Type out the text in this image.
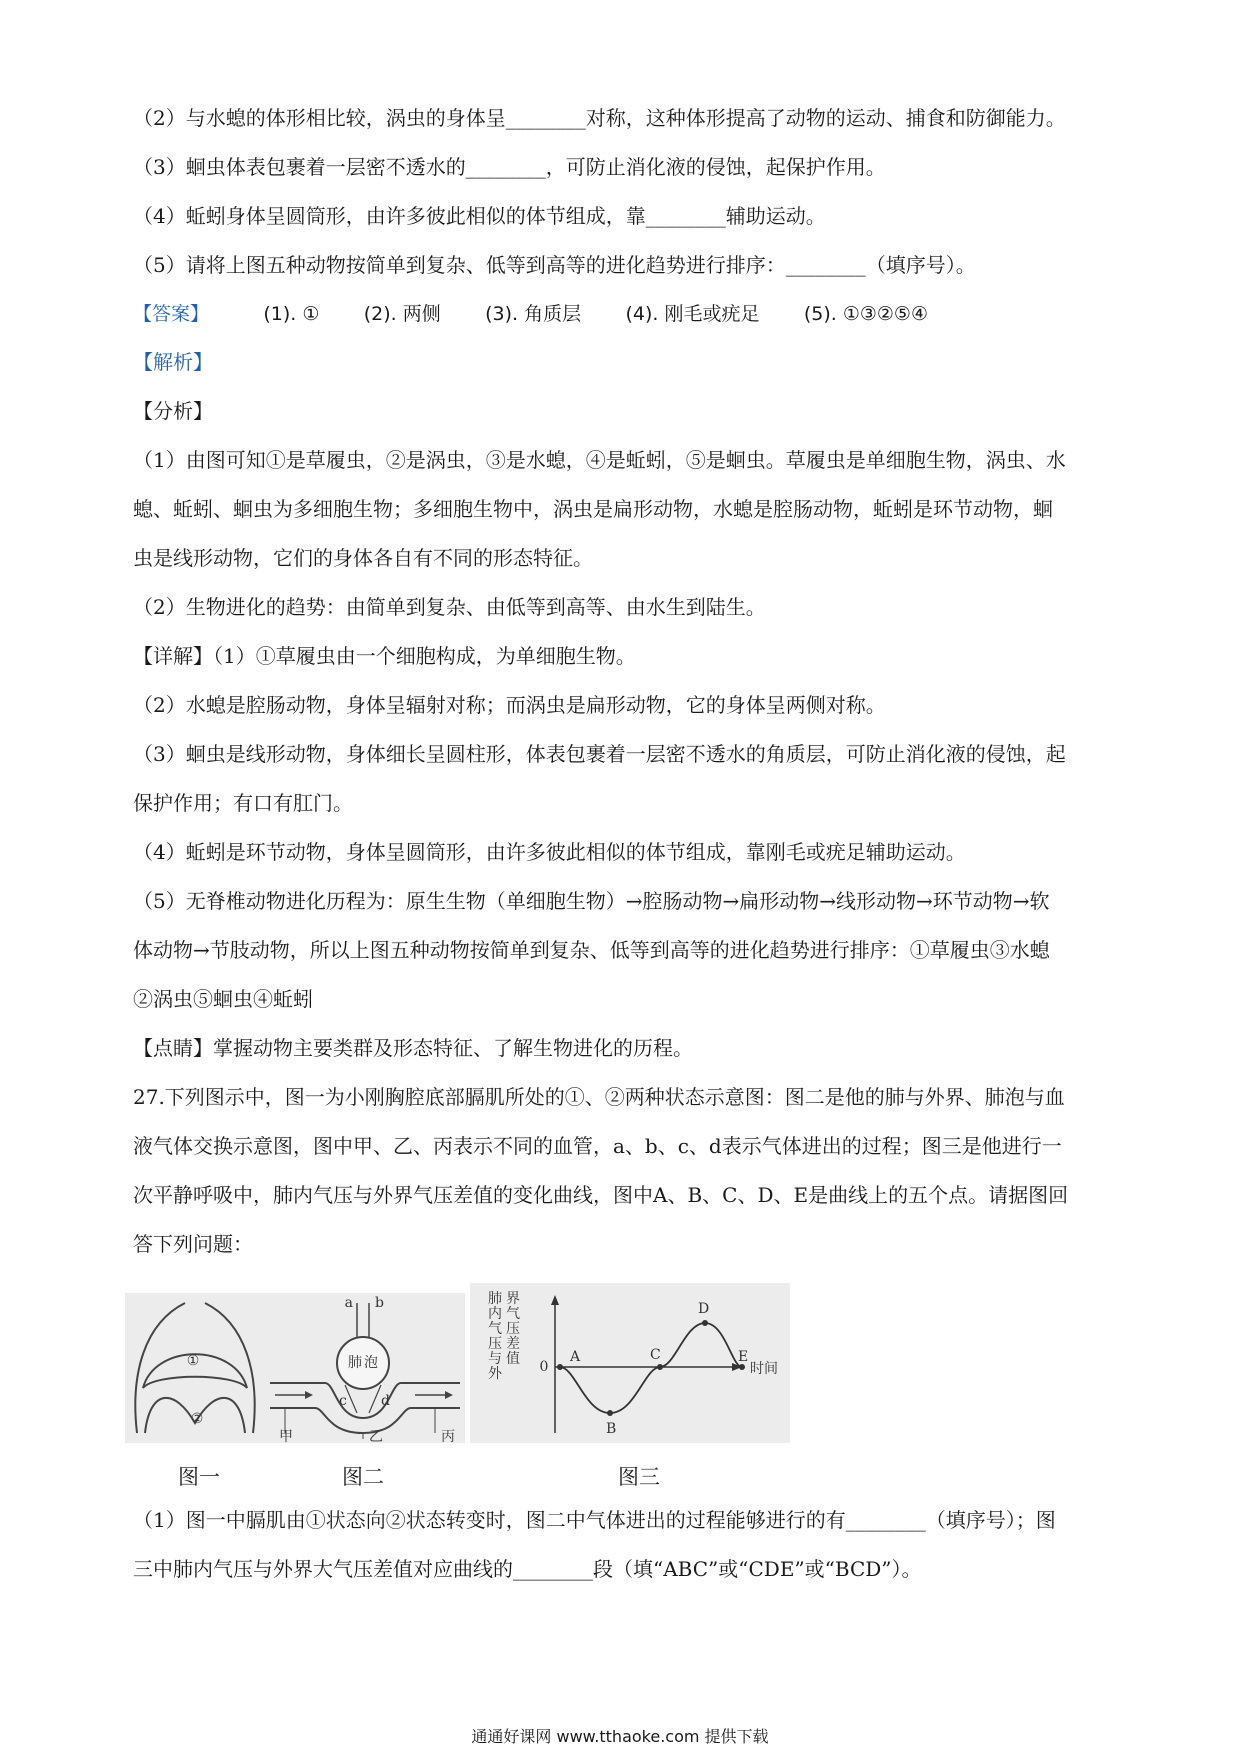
（2）与水螅的体形相比较，涡虫的身体呈________对称，这种体形提高了动物的运动、捕食和防御能力。
（3）蛔虫体表包裹着一层密不透水的________，可防止消化液的侵蚀，起保护作用。
（4）蚯蚓身体呈圆筒形，由许多彼此相似的体节组成，靠________辅助运动。
（5）请将上图五种动物按简单到复杂、低等到高等的进化趋势进行排序：________（填序号）。
【答案】	(1). ① (2). 两侧 (3). 角质层 (4). 刚毛或疣足 (5). ①③②⑤④
【解析】
【分析】
（1）由图可知①是草履虫，②是涡虫，③是水螅，④是蚯蚓，⑤是蛔虫。草履虫是单细胞生物，涡虫、水
螅、蚯蚓、蛔虫为多细胞生物；多细胞生物中，涡虫是扁形动物，水螅是腔肠动物，蚯蚓是环节动物，蛔
虫是线形动物，它们的身体各自有不同的形态特征。
（2）生物进化的趋势：由简单到复杂、由低等到高等、由水生到陆生。
【详解】（1）①草履虫由一个细胞构成，为单细胞生物。
（2）水螅是腔肠动物，身体呈辐射对称；而涡虫是扁形动物，它的身体呈两侧对称。
（3）蛔虫是线形动物，身体细长呈圆柱形，体表包裹着一层密不透水的角质层，可防止消化液的侵蚀，起
保护作用；有口有肛门。
（4）蚯蚓是环节动物，身体呈圆筒形，由许多彼此相似的体节组成，靠刚毛或疣足辅助运动。
（5）无脊椎动物进化历程为：原生生物（单细胞生物）→腔肠动物→扁形动物→线形动物→环节动物→软
体动物→节肢动物，所以上图五种动物按简单到复杂、低等到高等的进化趋势进行排序：①草履虫③水螅
②涡虫⑤蛔虫④蚯蚓
【点睛】掌握动物主要类群及形态特征、了解生物进化的历程。
27.下列图示中，图一为小刚胸腔底部膈肌所处的①、②两种状态示意图：图二是他的肺与外界、肺泡与血
液气体交换示意图，图中甲、乙、丙表示不同的血管，a、b、c、d表示气体进出的过程；图三是他进行一
次平静呼吸中，肺内气压与外界气压差值的变化曲线，图中A、B、C、D、E是曲线上的五个点。请据图回
答下列问题：
①
②
a b
肺 泡
c d
甲	乙	丙
肺
内
气
压
与
外
界
气
压
差
值 0	时间
A
B
C
D
E
图一	图二	图三
（1）图一中膈肌由①状态向②状态转变时，图二中气体进出的过程能够进行的有________（填序号）；图
三中肺内气压与外界大气压差值对应曲线的________段（填“ABC”或“CDE”或“BCD”）。
通通好课网 www.tthaoke.com 提供下载
